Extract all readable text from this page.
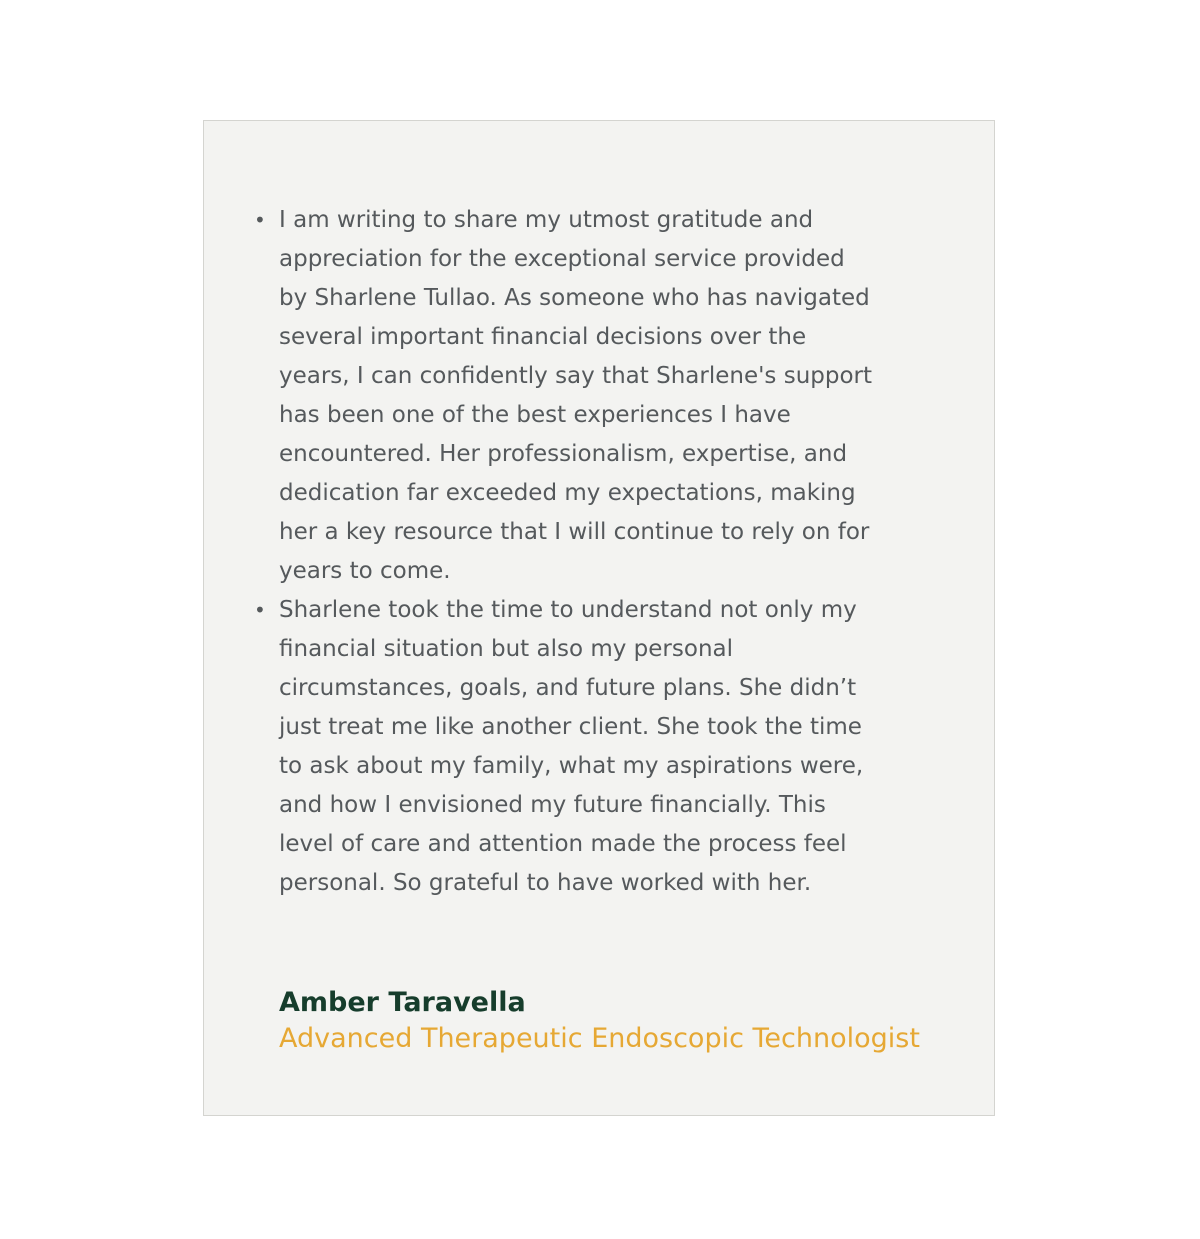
• I am writing to share my utmost gratitude and appreciation for the exceptional service provided by Sharlene Tullao. As someone who has navigated several important financial decisions over the years, I can confidently say that Sharlene's support has been one of the best experiences I have encountered. Her professionalism, expertise, and dedication far exceeded my expectations, making her a key resource that I will continue to rely on for years to come.
• Sharlene took the time to understand not only my financial situation but also my personal circumstances, goals, and future plans. She didn’t just treat me like another client. She took the time to ask about my family, what my aspirations were, and how I envisioned my future financially. This level of care and attention made the process feel personal. So grateful to have worked with her.

Amber Taravella

Advanced Therapeutic Endoscopic Technologist
